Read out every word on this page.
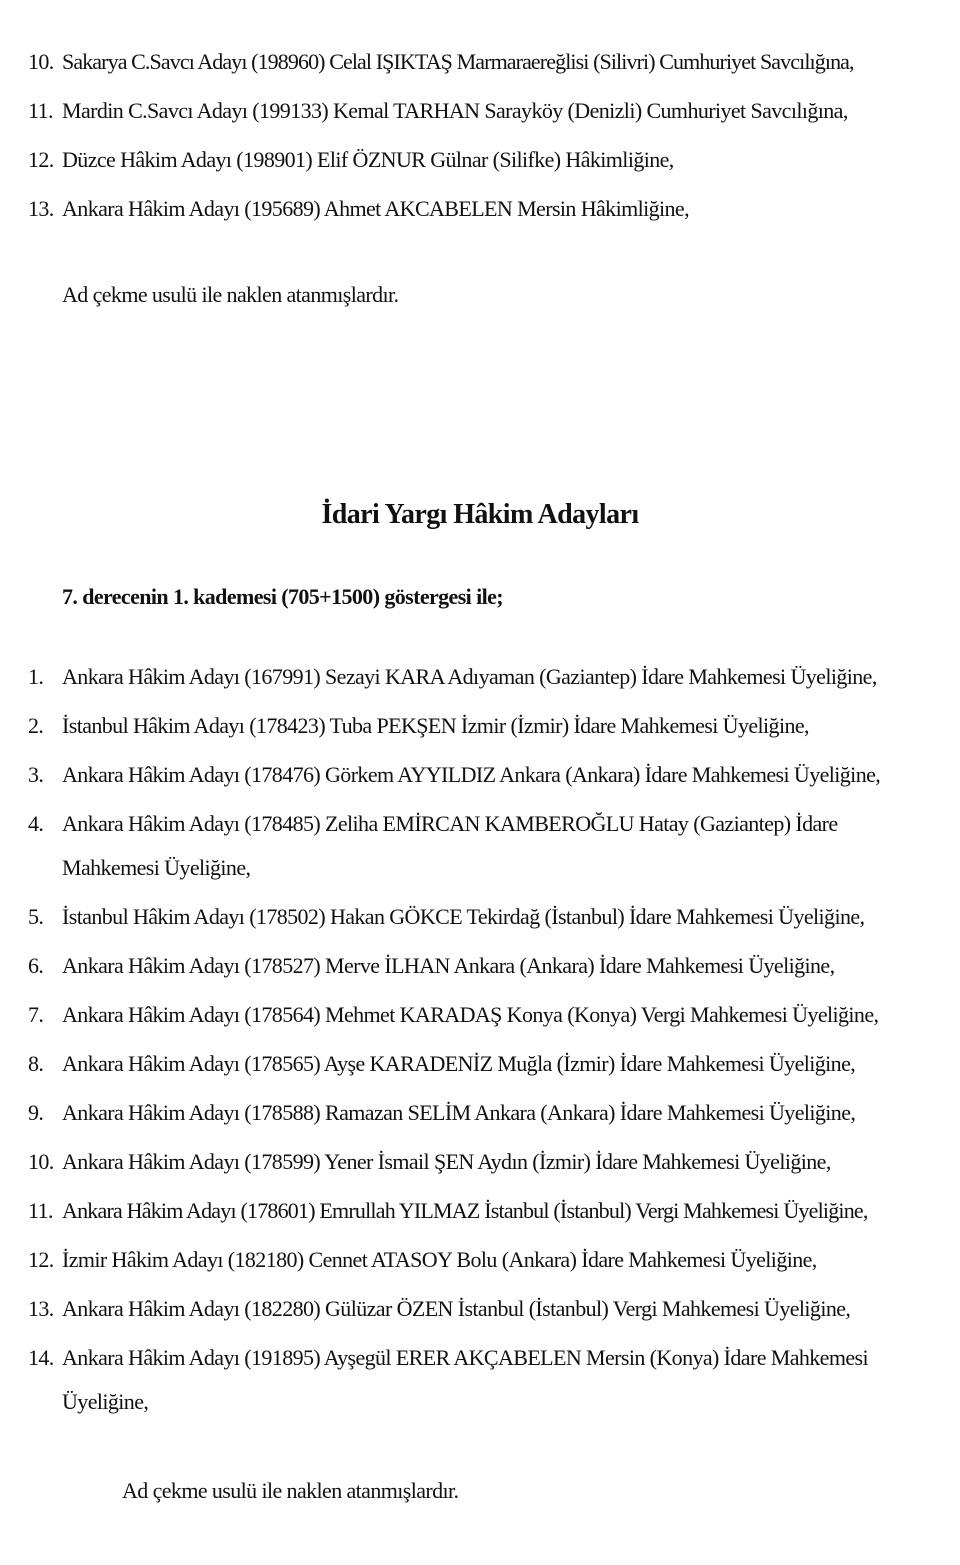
10. Sakarya C.Savcı Adayı (198960) Celal IŞIKTAŞ Marmaraereğlisi (Silivri) Cumhuriyet Savcılığına,
11. Mardin C.Savcı Adayı (199133) Kemal TARHAN Sarayköy (Denizli) Cumhuriyet Savcılığına,
12. Düzce Hâkim Adayı (198901) Elif ÖZNUR Gülnar (Silifke) Hâkimliğine,
13. Ankara Hâkim Adayı (195689) Ahmet AKCABELEN Mersin Hâkimliğine,

Ad çekme usulü ile naklen atanmışlardır.

İdari Yargı Hâkim Adayları

7. derecenin 1. kademesi (705+1500) göstergesi ile;

1. Ankara Hâkim Adayı (167991) Sezayi KARA Adıyaman (Gaziantep) İdare Mahkemesi Üyeliğine,
2. İstanbul Hâkim Adayı (178423) Tuba PEKŞEN İzmir (İzmir) İdare Mahkemesi Üyeliğine,
3. Ankara Hâkim Adayı (178476) Görkem AYYILDIZ Ankara (Ankara) İdare Mahkemesi Üyeliğine,
4. Ankara Hâkim Adayı (178485) Zeliha EMİRCAN KAMBEROĞLU Hatay (Gaziantep) İdare Mahkemesi Üyeliğine,
5. İstanbul Hâkim Adayı (178502) Hakan GÖKCE Tekirdağ (İstanbul) İdare Mahkemesi Üyeliğine,
6. Ankara Hâkim Adayı (178527) Merve İLHAN Ankara (Ankara) İdare Mahkemesi Üyeliğine,
7. Ankara Hâkim Adayı (178564) Mehmet KARADAŞ Konya (Konya) Vergi Mahkemesi Üyeliğine,
8. Ankara Hâkim Adayı (178565) Ayşe KARADENİZ Muğla (İzmir) İdare Mahkemesi Üyeliğine,
9. Ankara Hâkim Adayı (178588) Ramazan SELİM Ankara (Ankara) İdare Mahkemesi Üyeliğine,
10. Ankara Hâkim Adayı (178599) Yener İsmail ŞEN Aydın (İzmir) İdare Mahkemesi Üyeliğine,
11. Ankara Hâkim Adayı (178601) Emrullah YILMAZ İstanbul (İstanbul) Vergi Mahkemesi Üyeliğine,
12. İzmir Hâkim Adayı (182180) Cennet ATASOY Bolu (Ankara) İdare Mahkemesi Üyeliğine,
13. Ankara Hâkim Adayı (182280) Gülüzar ÖZEN İstanbul (İstanbul) Vergi Mahkemesi Üyeliğine,
14. Ankara Hâkim Adayı (191895) Ayşegül ERER AKÇABELEN Mersin (Konya) İdare Mahkemesi Üyeliğine,

Ad çekme usulü ile naklen atanmışlardır.
